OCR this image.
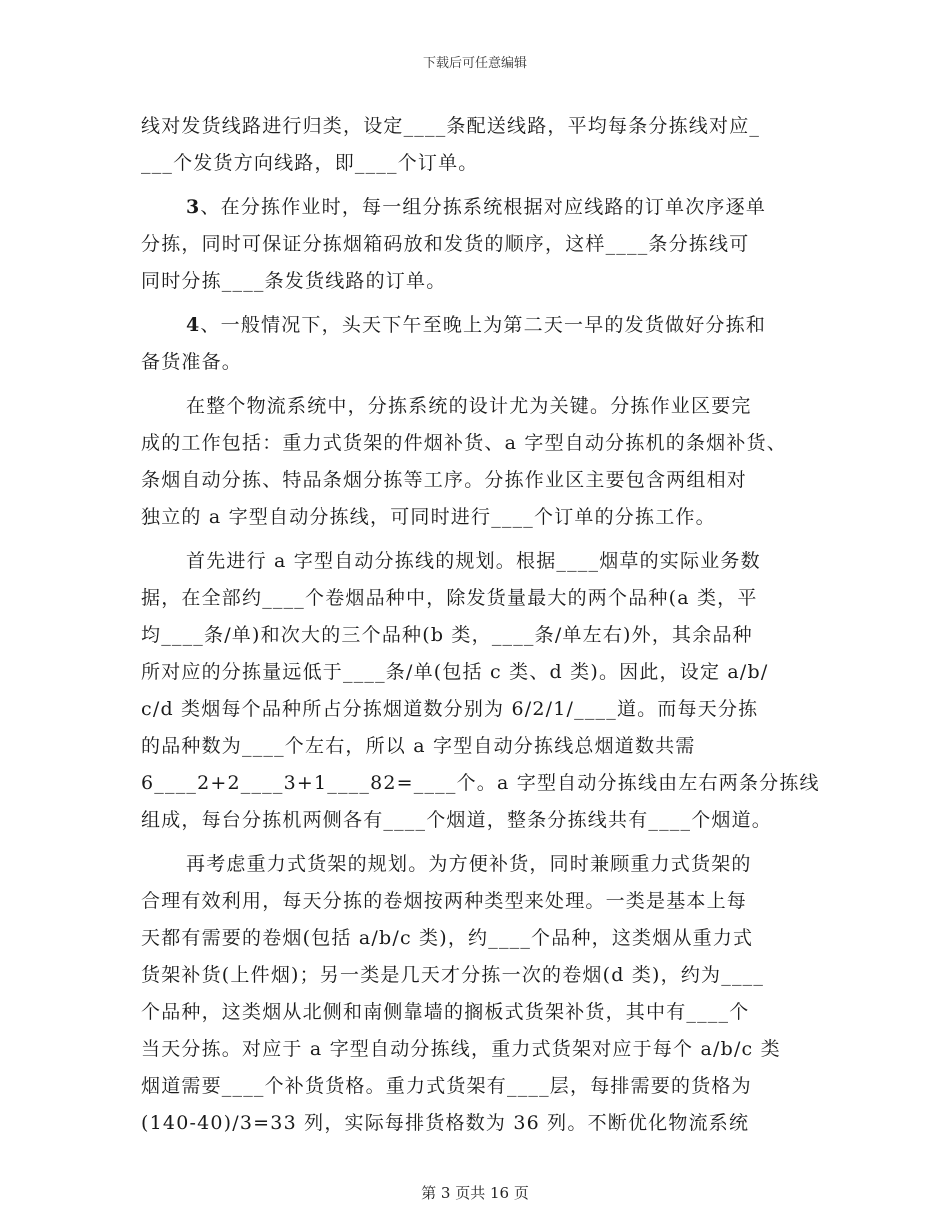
下载后可任意编辑
线对发货线路进行归类，设定____条配送线路，平均每条分拣线对应_
___个发货方向线路，即____个订单。
3、在分拣作业时，每一组分拣系统根据对应线路的订单次序逐单
分拣，同时可保证分拣烟箱码放和发货的顺序，这样____条分拣线可
同时分拣____条发货线路的订单。
4、一般情况下，头天下午至晚上为第二天一早的发货做好分拣和
备货准备。
在整个物流系统中，分拣系统的设计尤为关键。分拣作业区要完
成的工作包括：重力式货架的件烟补货、a 字型自动分拣机的条烟补货、
条烟自动分拣、特品条烟分拣等工序。分拣作业区主要包含两组相对
独立的 a 字型自动分拣线，可同时进行____个订单的分拣工作。
首先进行 a 字型自动分拣线的规划。根据____烟草的实际业务数
据，在全部约____个卷烟品种中，除发货量最大的两个品种(a 类，平
均____条/单)和次大的三个品种(b 类，____条/单左右)外，其余品种
所对应的分拣量远低于____条/单(包括 c 类、d 类)。因此，设定 a/b/
c/d 类烟每个品种所占分拣烟道数分别为 6/2/1/____道。而每天分拣
的品种数为____个左右，所以 a 字型自动分拣线总烟道数共需
6____2+2____3+1____82=____个。a 字型自动分拣线由左右两条分拣线
组成，每台分拣机两侧各有____个烟道，整条分拣线共有____个烟道。
再考虑重力式货架的规划。为方便补货，同时兼顾重力式货架的
合理有效利用，每天分拣的卷烟按两种类型来处理。一类是基本上每
天都有需要的卷烟(包括 a/b/c 类)，约____个品种，这类烟从重力式
货架补货(上件烟)；另一类是几天才分拣一次的卷烟(d 类)，约为____
个品种，这类烟从北侧和南侧靠墙的搁板式货架补货，其中有____个
当天分拣。对应于 a 字型自动分拣线，重力式货架对应于每个 a/b/c 类
烟道需要____个补货货格。重力式货架有____层，每排需要的货格为
(140-40)/3=33 列，实际每排货格数为 36 列。不断优化物流系统
第 3 页共 16 页
